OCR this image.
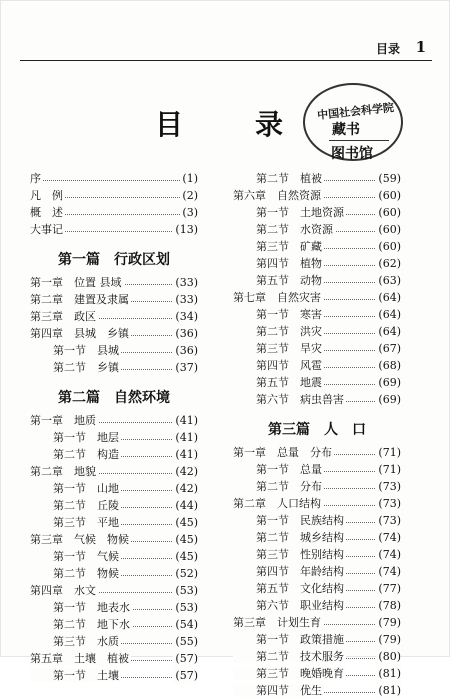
目录 1
目　录 中国社会科学院
藏书
图书馆
序	(1)
凡　例	(2)
概　述	(3)
大事记	(13)
第一篇　行政区划
第一章　位置 县域	(33)
第二章　建置及隶属	(33)
第三章　政区	(34)
第四章　县城　乡镇	(36)
第一节　县城	(36)
第二节　乡镇	(37)
第二篇　自然环境
第一章　地质	(41)
第一节　地层	(41)
第二节　构造	(41)
第二章　地貌	(42)
第一节　山地	(42)
第二节　丘陵	(44)
第三节　平地	(45)
第三章　气候　物候	(45)
第一节　气候	(45)
第二节　物候	(52)
第四章　水文	(53)
第一节　地表水	(53)
第二节　地下水	(54)
第三节　水质	(55)
第五章　土壤　植被	(57)
第一节　土壤	(57)
第二节　植被	(59)
第六章　自然资源	(60)
第一节　土地资源	(60)
第二节　水资源	(60)
第三节　矿藏	(60)
第四节　植物	(62)
第五节　动物	(63)
第七章　自然灾害	(64)
第一节　寒害	(64)
第二节　洪灾	(64)
第三节　旱灾	(67)
第四节　风雹	(68)
第五节　地震	(69)
第六节　病虫兽害	(69)
第三篇　人　口
第一章　总量　分布	(71)
第一节　总量	(71)
第二节　分布	(73)
第二章　人口结构	(73)
第一节　民族结构	(73)
第二节　城乡结构	(74)
第三节　性别结构	(74)
第四节　年龄结构	(74)
第五节　文化结构	(77)
第六节　职业结构	(78)
第三章　计划生育	(79)
第一节　政策措施	(79)
第二节　技术服务	(80)
第三节　晚婚晚育	(81)
第四节　优生	(81)
